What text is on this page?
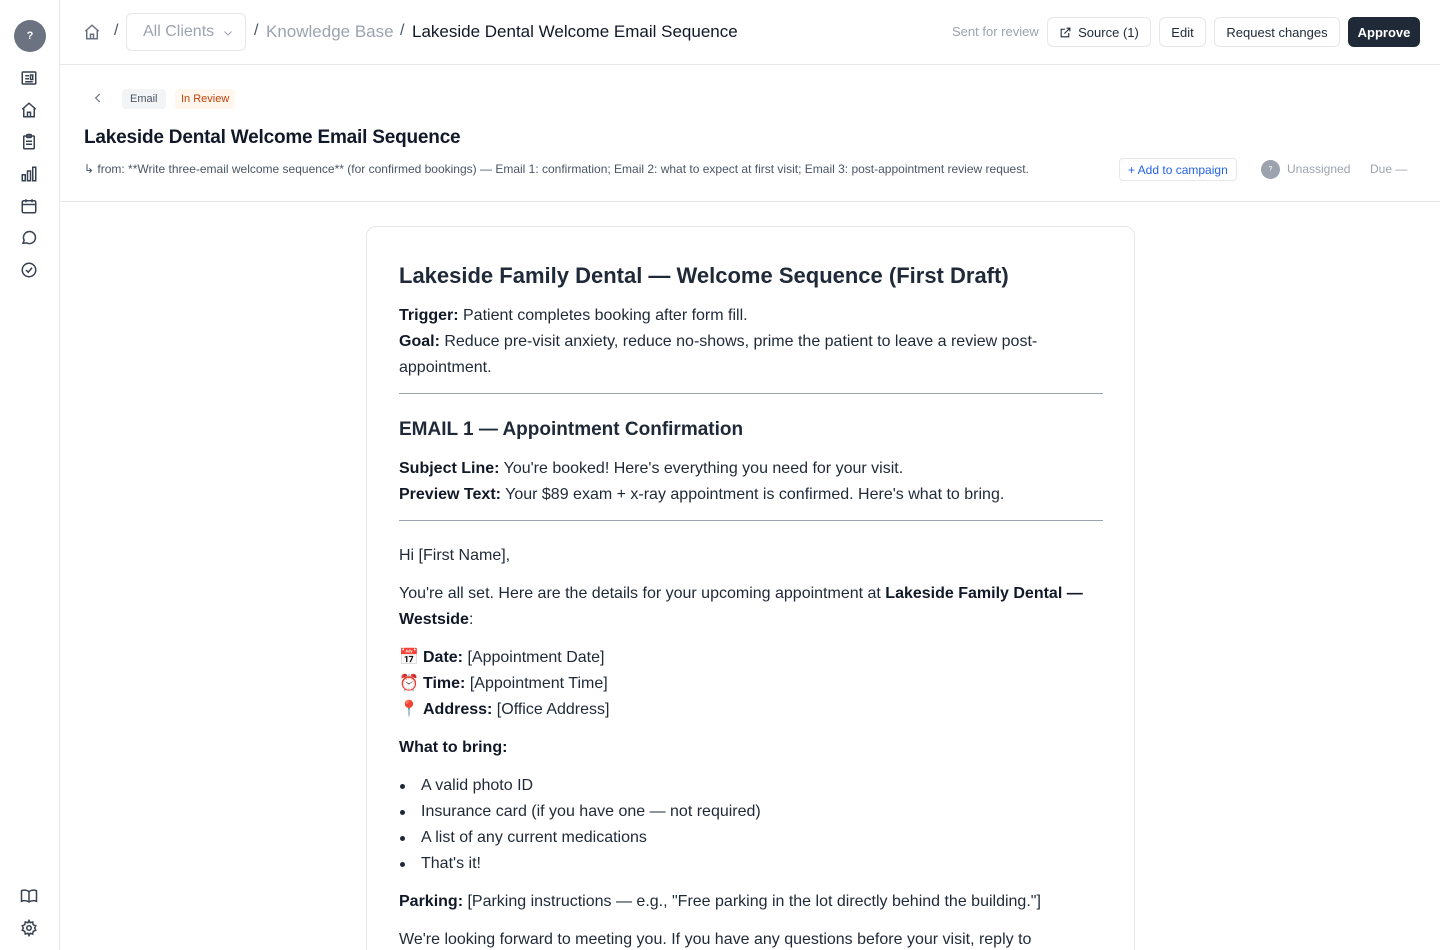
?	/ All Clients / Knowledge Base / Lakeside Dental Welcome Email Sequence	Sent for review	Source (1)	Edit	Request changes	Approve
Email	In Review
Lakeside Dental Welcome Email Sequence
↳ from: **Write three-email welcome sequence** (for confirmed bookings) — Email 1: confirmation; Email 2: what to expect at first visit; Email 3: post-appointment review request.	+ Add to campaign	?	Unassigned Due —
Lakeside Family Dental — Welcome Sequence (First Draft)
Trigger: Patient completes booking after form fill.
Goal: Reduce pre-visit anxiety, reduce no-shows, prime the patient to leave a review post-appointment.
EMAIL 1 — Appointment Confirmation
Subject Line: You're booked! Here's everything you need for your visit.
Preview Text: Your $89 exam + x-ray appointment is confirmed. Here's what to bring.
Hi [First Name],
You're all set. Here are the details for your upcoming appointment at Lakeside Family Dental — Westside:
📅 Date: [Appointment Date]
⏰ Time: [Appointment Time]
📍 Address: [Office Address]
What to bring:
A valid photo ID
Insurance card (if you have one — not required)
A list of any current medications
That's it!
Parking: [Parking instructions — e.g., "Free parking in the lot directly behind the building."]
We're looking forward to meeting you. If you have any questions before your visit, reply to
